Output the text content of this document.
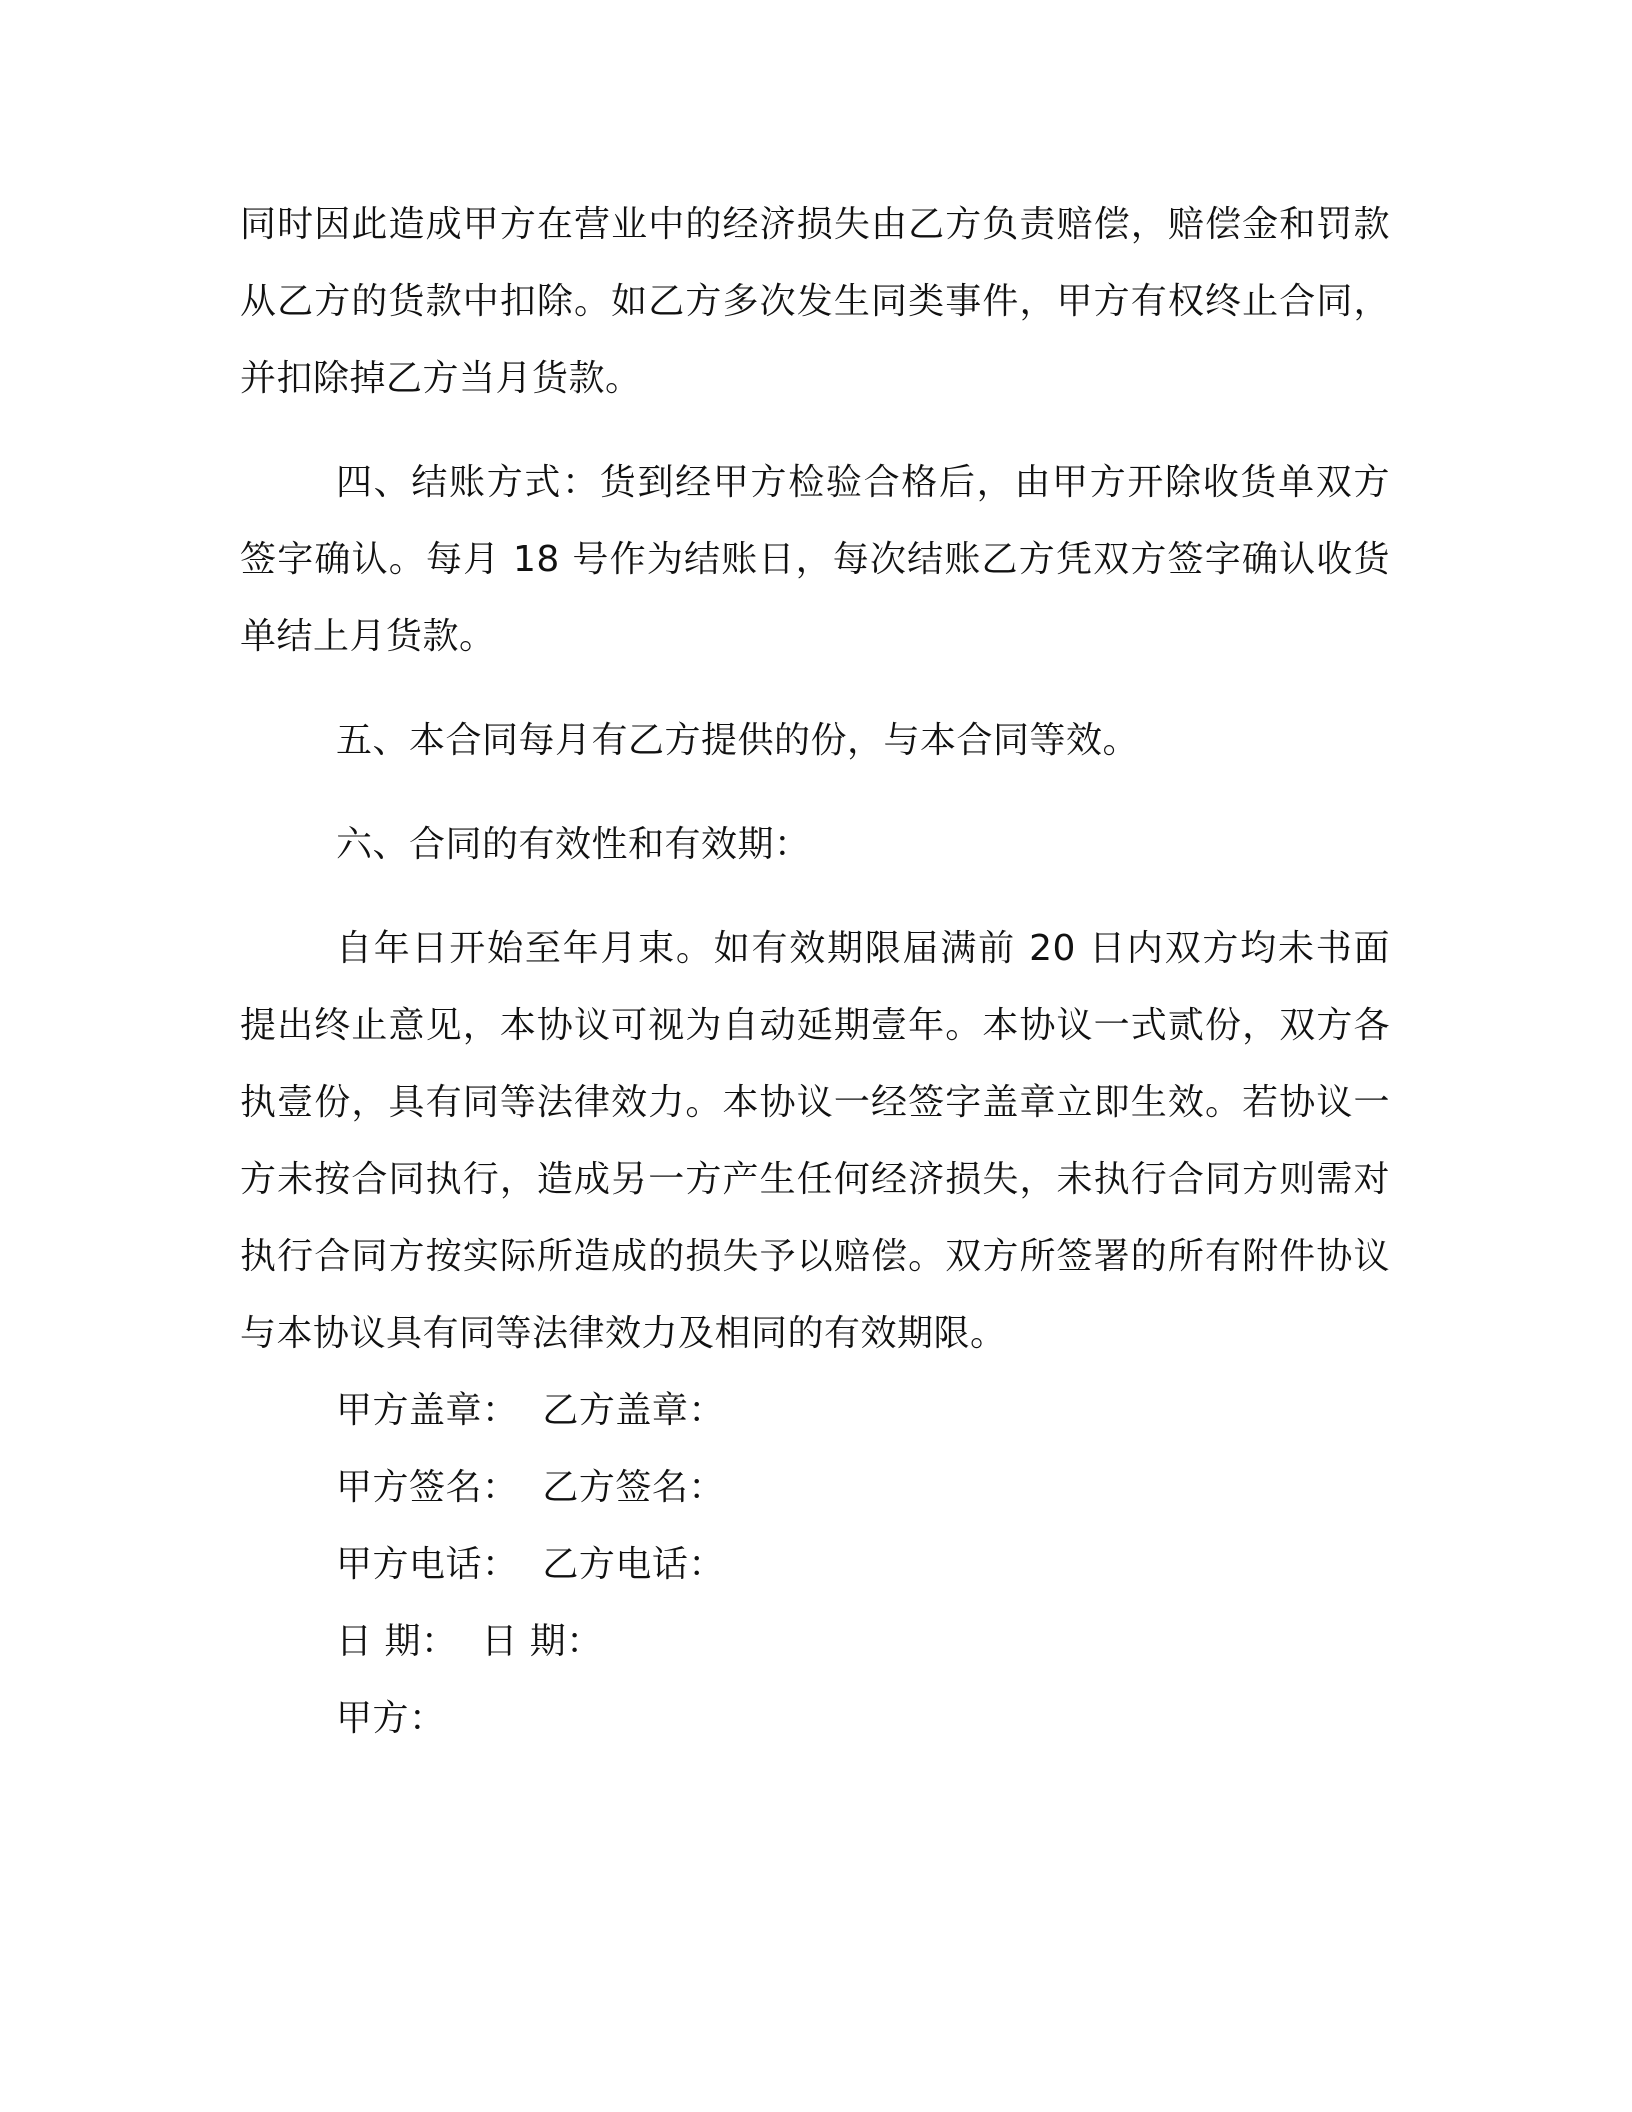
同时因此造成甲方在营业中的经济损失由乙方负责赔偿，赔偿金和罚款从乙方的货款中扣除。如乙方多次发生同类事件，甲方有权终止合同，并扣除掉乙方当月货款。

四、结账方式：货到经甲方检验合格后，由甲方开除收货单双方签字确认。每月 18 号作为结账日，每次结账乙方凭双方签字确认收货单结上月货款。

五、本合同每月有乙方提供的份，与本合同等效。

六、合同的有效性和有效期：

自年日开始至年月束。如有效期限届满前 20 日内双方均未书面提出终止意见，本协议可视为自动延期壹年。本协议一式贰份，双方各执壹份，具有同等法律效力。本协议一经签字盖章立即生效。若协议一方未按合同执行，造成另一方产生任何经济损失，未执行合同方则需对执行合同方按实际所造成的损失予以赔偿。双方所签署的所有附件协议与本协议具有同等法律效力及相同的有效期限。

甲方盖章：  乙方盖章：

甲方签名：  乙方签名：

甲方电话：  乙方电话：

日 期：  日 期：

甲方：
